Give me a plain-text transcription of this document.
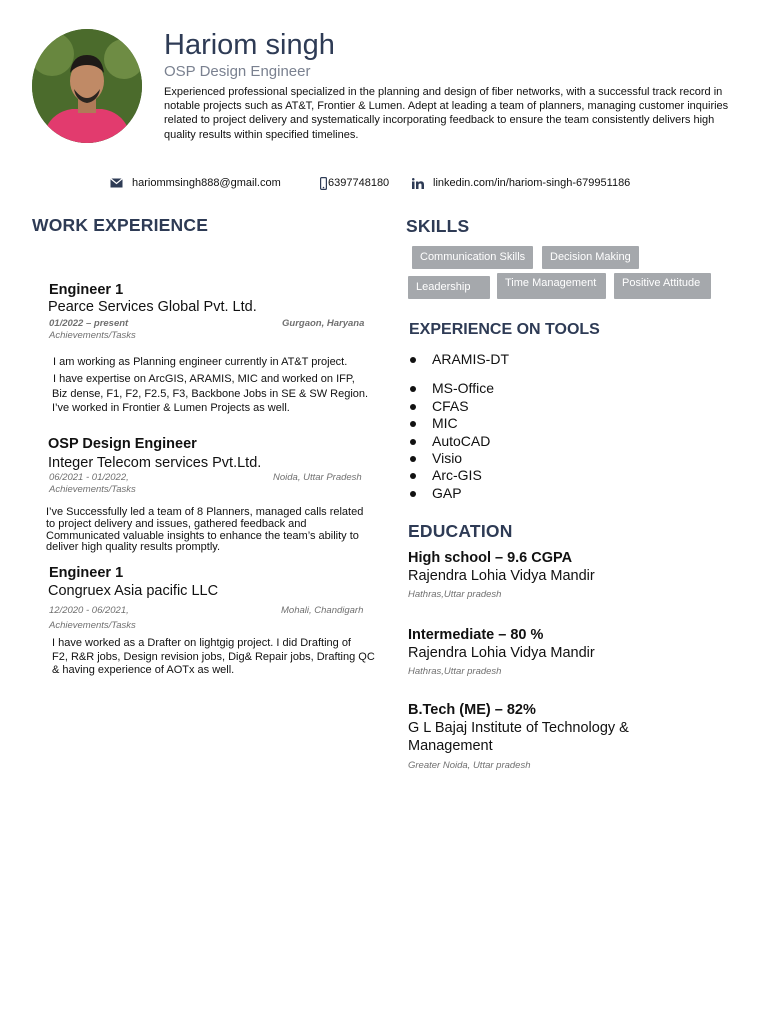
Hariom singh
OSP Design Engineer
Experienced professional specialized in the planning and design of fiber networks, with a successful track record in notable projects such as AT&T, Frontier & Lumen. Adept at leading a team of planners, managing customer inquiries related to project delivery and systematically incorporating feedback to ensure the team consistently delivers high quality results within specified timelines.
hariommsingh888@gmail.com	6397748180	linkedin.com/in/hariom-singh-679951186
WORK EXPERIENCE
Engineer 1
Pearce Services Global Pvt. Ltd.
01/2022 – present	Gurgaon, Haryana
Achievements/Tasks
I am working as Planning engineer currently in AT&T project.
I have expertise on ArcGIS, ARAMIS, MIC and worked on IFP,
Biz dense, F1, F2, F2.5, F3, Backbone Jobs in SE & SW Region.
I’ve worked in Frontier & Lumen Projects as well.
OSP Design Engineer
Integer Telecom services Pvt.Ltd.
06/2021 - 01/2022,	Noida, Uttar Pradesh
Achievements/Tasks
I’ve Successfully led a team of 8 Planners, managed calls related
to project delivery and issues, gathered feedback and
Communicated valuable insights to enhance the team’s ability to
deliver high quality results promptly.
Engineer 1
Congruex Asia pacific LLC
12/2020 - 06/2021,	Mohali, Chandigarh
Achievements/Tasks
I have worked as a Drafter on lightgig project. I did Drafting of
F2, R&R jobs, Design revision jobs, Dig& Repair jobs, Drafting QC
& having experience of AOTx as well.
SKILLS
Communication Skills	Decision Making
Leadership	Time Management	Positive Attitude
EXPERIENCE ON TOOLS
ARAMIS-DT
MS-Office
CFAS
MIC
AutoCAD
Visio
Arc-GIS
GAP
EDUCATION
High school – 9.6 CGPA
Rajendra Lohia Vidya Mandir
Hathras,Uttar pradesh
Intermediate – 80 %
Rajendra Lohia Vidya Mandir
Hathras,Uttar pradesh
B.Tech (ME) – 82%
G L Bajaj Institute of Technology &
Management
Greater Noida, Uttar pradesh
